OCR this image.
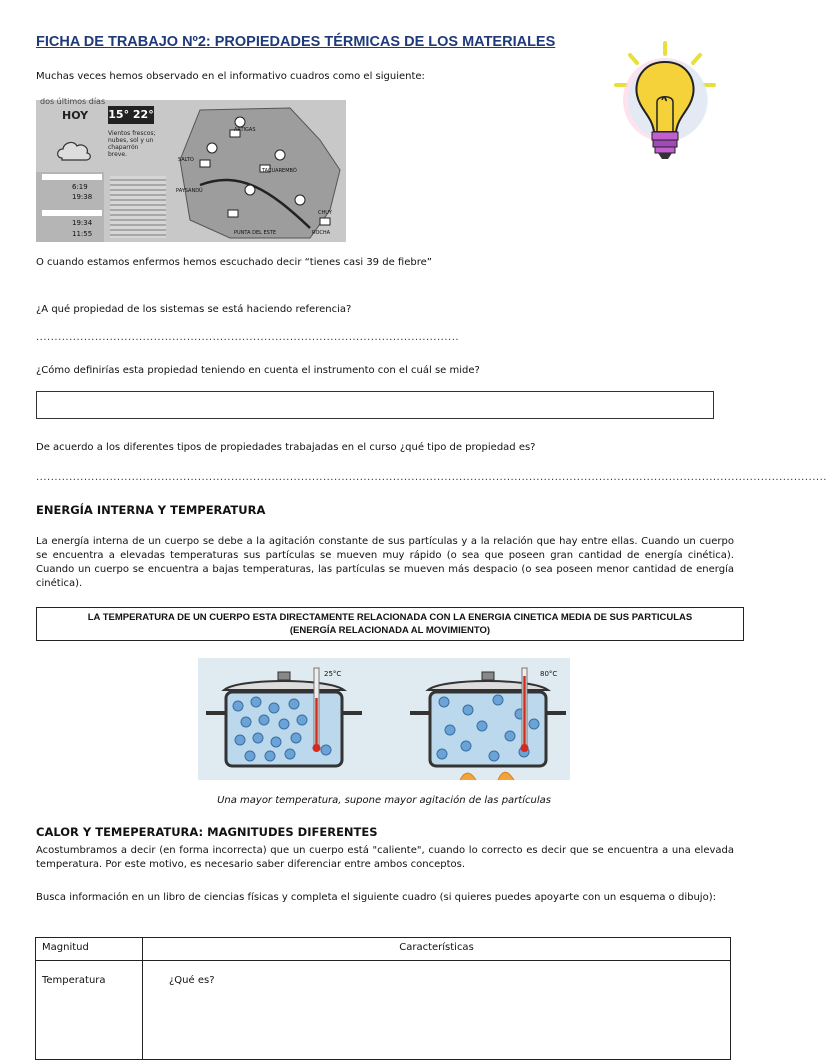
FICHA DE TRABAJO Nº2: PROPIEDADES TÉRMICAS DE LOS MATERIALES
Muchas veces hemos observado en el informativo cuadros como el siguiente:
dos últimos días
HOY 15° 22°
Vientos frescos; nubes, sol y un chaparrón breve.
6:19
19:38
19:34
11:55
ARTIGAS
SALTO
TACUAREMBÓ
PAYSANDÚ
PUNTA DEL ESTE
CHUY
ROCHA
O cuando estamos enfermos hemos escuchado decir “tienes casi 39 de fiebre”
¿A qué propiedad de los sistemas se está haciendo referencia?
...................................................................................................................
¿Cómo definirías esta propiedad teniendo en cuenta el instrumento con el cuál se mide?
De acuerdo a los diferentes tipos de propiedades trabajadas en el curso ¿qué tipo de propiedad es?
.......................................................................................................................................................................................................................
ENERGÍA INTERNA Y TEMPERATURA
La energía interna de un cuerpo se debe a la agitación constante de sus partículas y a la relación que hay entre ellas. Cuando un cuerpo se encuentra a elevadas temperaturas sus partículas se mueven muy rápido (o sea que poseen gran cantidad de energía cinética). Cuando un cuerpo se encuentra a bajas temperaturas, las partículas se mueven más despacio (o sea poseen menor cantidad de energía cinética).
LA TEMPERATURA DE UN CUERPO ESTA DIRECTAMENTE RELACIONADA CON LA ENERGIA CINETICA MEDIA DE SUS PARTICULAS
(ENERGÍA RELACIONADA AL MOVIMIENTO)
25°C	80°C
Una mayor temperatura, supone mayor agitación de las partículas
CALOR Y TEMEPERATURA: MAGNITUDES DIFERENTES
Acostumbramos a decir (en forma incorrecta) que un cuerpo está "caliente", cuando lo correcto es decir que se encuentra a una elevada temperatura. Por este motivo, es necesario saber diferenciar entre ambos conceptos.
Busca información en un libro de ciencias físicas y completa el siguiente cuadro (si quieres puedes apoyarte con un esquema o dibujo):
Magnitud	Características
Temperatura	¿Qué es?
